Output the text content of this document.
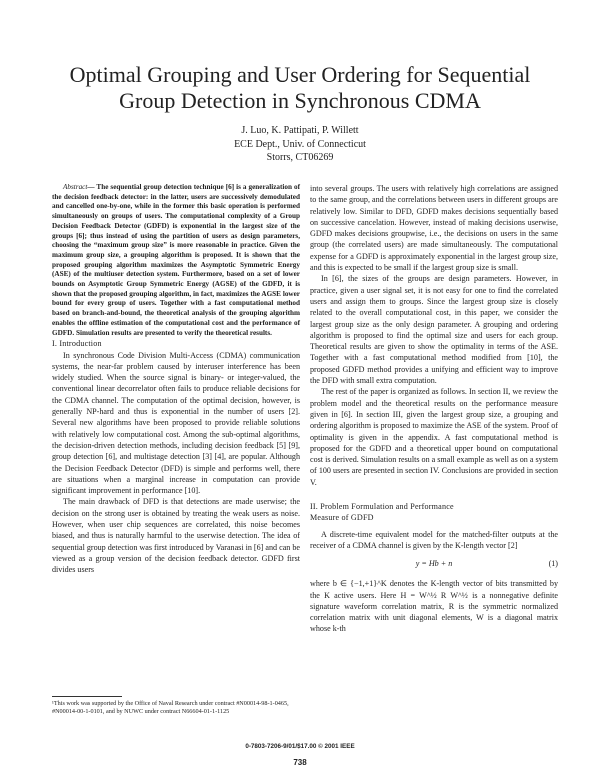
Optimal Grouping and User Ordering for Sequential Group Detection in Synchronous CDMA
J. Luo, K. Pattipati, P. Willett
ECE Dept., Univ. of Connecticut
Storrs, CT06269

Abstract— The sequential group detection technique [6] is a generalization of the decision feedback detector: in the latter, users are successively demodulated and cancelled one-by-one, while in the former this basic operation is performed simultaneously on groups of users. The computational complexity of a Group Decision Feedback Detector (GDFD) is exponential in the largest size of the groups [6]; thus instead of using the partition of users as design parameters, choosing the “maximum group size” is more reasonable in practice. Given the maximum group size, a grouping algorithm is proposed. It is shown that the proposed grouping algorithm maximizes the Asymptotic Symmetric Energy (ASE) of the multiuser detection system. Furthermore, based on a set of lower bounds on Asymptotic Group Symmetric Energy (AGSE) of the GDFD, it is shown that the proposed grouping algorithm, in fact, maximizes the AGSE lower bound for every group of users. Together with a fast computational method based on branch-and-bound, the theoretical analysis of the grouping algorithm enables the offline estimation of the computational cost and the performance of GDFD. Simulation results are presented to verify the theoretical results.

I. Introduction

In synchronous Code Division Multi-Access (CDMA) communication systems, the near-far problem caused by interuser interference has been widely studied. When the source signal is binary- or integer-valued, the conventional linear decorrelator often fails to produce reliable decisions for the CDMA channel. The computation of the optimal decision, however, is generally NP-hard and thus is exponential in the number of users [2]. Several new algorithms have been proposed to provide reliable solutions with relatively low computational cost. Among the sub-optimal algorithms, the decision-driven detection methods, including decision feedback [5] [9], group detection [6], and multistage detection [3] [4], are popular. Although the Decision Feedback Detector (DFD) is simple and performs well, there are situations when a marginal increase in computation can provide significant improvement in performance [10].

The main drawback of DFD is that detections are made userwise; the decision on the strong user is obtained by treating the weak users as noise. However, when user chip sequences are correlated, this noise becomes biased, and thus is naturally harmful to the userwise detection. The idea of sequential group detection was first introduced by Varanasi in [6] and can be viewed as a group version of the decision feedback detector. GDFD first divides users

into several groups. The users with relatively high correlations are assigned to the same group, and the correlations between users in different groups are relatively low. Similar to DFD, GDFD makes decisions sequentially based on successive cancelation. However, instead of making decisions userwise, GDFD makes decisions groupwise, i.e., the decisions on users in the same group (the correlated users) are made simultaneously. The computational expense for a GDFD is approximately exponential in the largest group size, and this is expected to be small if the largest group size is small.

In [6], the sizes of the groups are design parameters. However, in practice, given a user signal set, it is not easy for one to find the correlated users and assign them to groups. Since the largest group size is closely related to the overall computational cost, in this paper, we consider the largest group size as the only design parameter. A grouping and ordering algorithm is proposed to find the optimal size and users for each group. Theoretical results are given to show the optimality in terms of the ASE. Together with a fast computational method modified from [10], the proposed GDFD method provides a unifying and efficient way to improve the DFD with small extra computation.

The rest of the paper is organized as follows. In section II, we review the problem model and the theoretical results on the performance measure given in [6]. In section III, given the largest group size, a grouping and ordering algorithm is proposed to maximize the ASE of the system. Proof of optimality is given in the appendix. A fast computational method is proposed for the GDFD and a theoretical upper bound on computational cost is derived. Simulation results on a small example as well as on a system of 100 users are presented in section IV. Conclusions are provided in section V.

II. Problem Formulation and Performance

Measure of GDFD

A discrete-time equivalent model for the matched-filter outputs at the receiver of a CDMA channel is given by the K-length vector [2]

y = Hb + n	(1)

where b ∈ {−1,+1}^K denotes the K-length vector of bits transmitted by the K active users. Here H = W^½ R W^½ is a nonnegative definite signature waveform correlation matrix, R is the symmetric normalized correlation matrix with unit diagonal elements, W is a diagonal matrix whose k-th

¹This work was supported by the Office of Naval Research under contract #N00014-98-1-0465, #N00014-00-1-0101, and by NUWC under contract N66604-01-1-1125

0-7803-7206-9/01/$17.00 © 2001 IEEE
738
